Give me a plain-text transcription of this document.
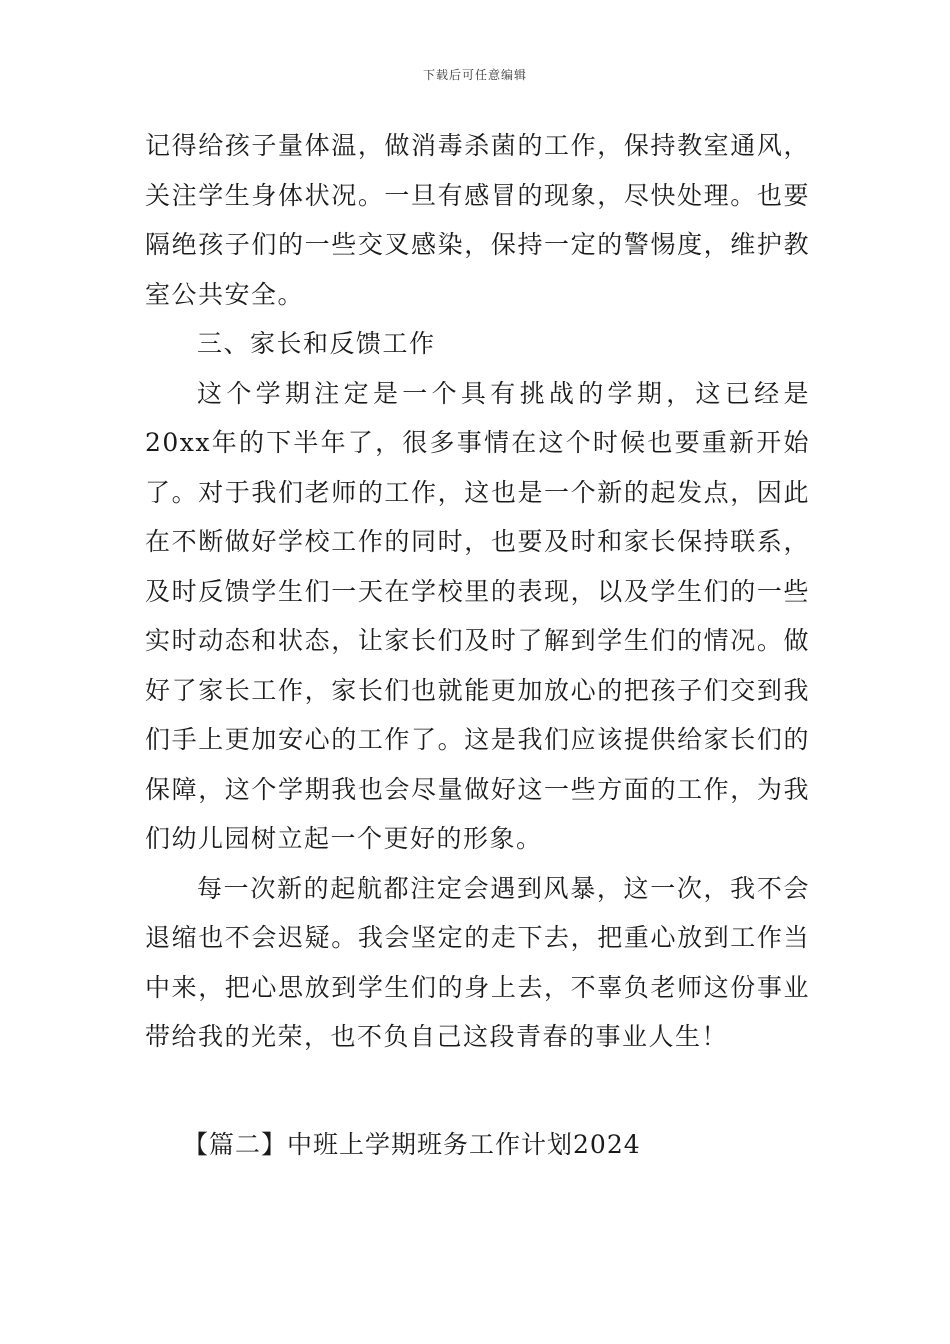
下载后可任意编辑

记得给孩子量体温，做消毒杀菌的工作，保持教室通风，关注学生身体状况。一旦有感冒的现象，尽快处理。也要隔绝孩子们的一些交叉感染，保持一定的警惕度，维护教室公共安全。

三、家长和反馈工作

这个学期注定是一个具有挑战的学期，这已经是20xx年的下半年了，很多事情在这个时候也要重新开始了。对于我们老师的工作，这也是一个新的起发点，因此在不断做好学校工作的同时，也要及时和家长保持联系，及时反馈学生们一天在学校里的表现，以及学生们的一些实时动态和状态，让家长们及时了解到学生们的情况。做好了家长工作，家长们也就能更加放心的把孩子们交到我们手上更加安心的工作了。这是我们应该提供给家长们的保障，这个学期我也会尽量做好这一些方面的工作，为我们幼儿园树立起一个更好的形象。

每一次新的起航都注定会遇到风暴，这一次，我不会退缩也不会迟疑。我会坚定的走下去，把重心放到工作当中来，把心思放到学生们的身上去，不辜负老师这份事业带给我的光荣，也不负自己这段青春的事业人生！

【篇二】中班上学期班务工作计划2024
